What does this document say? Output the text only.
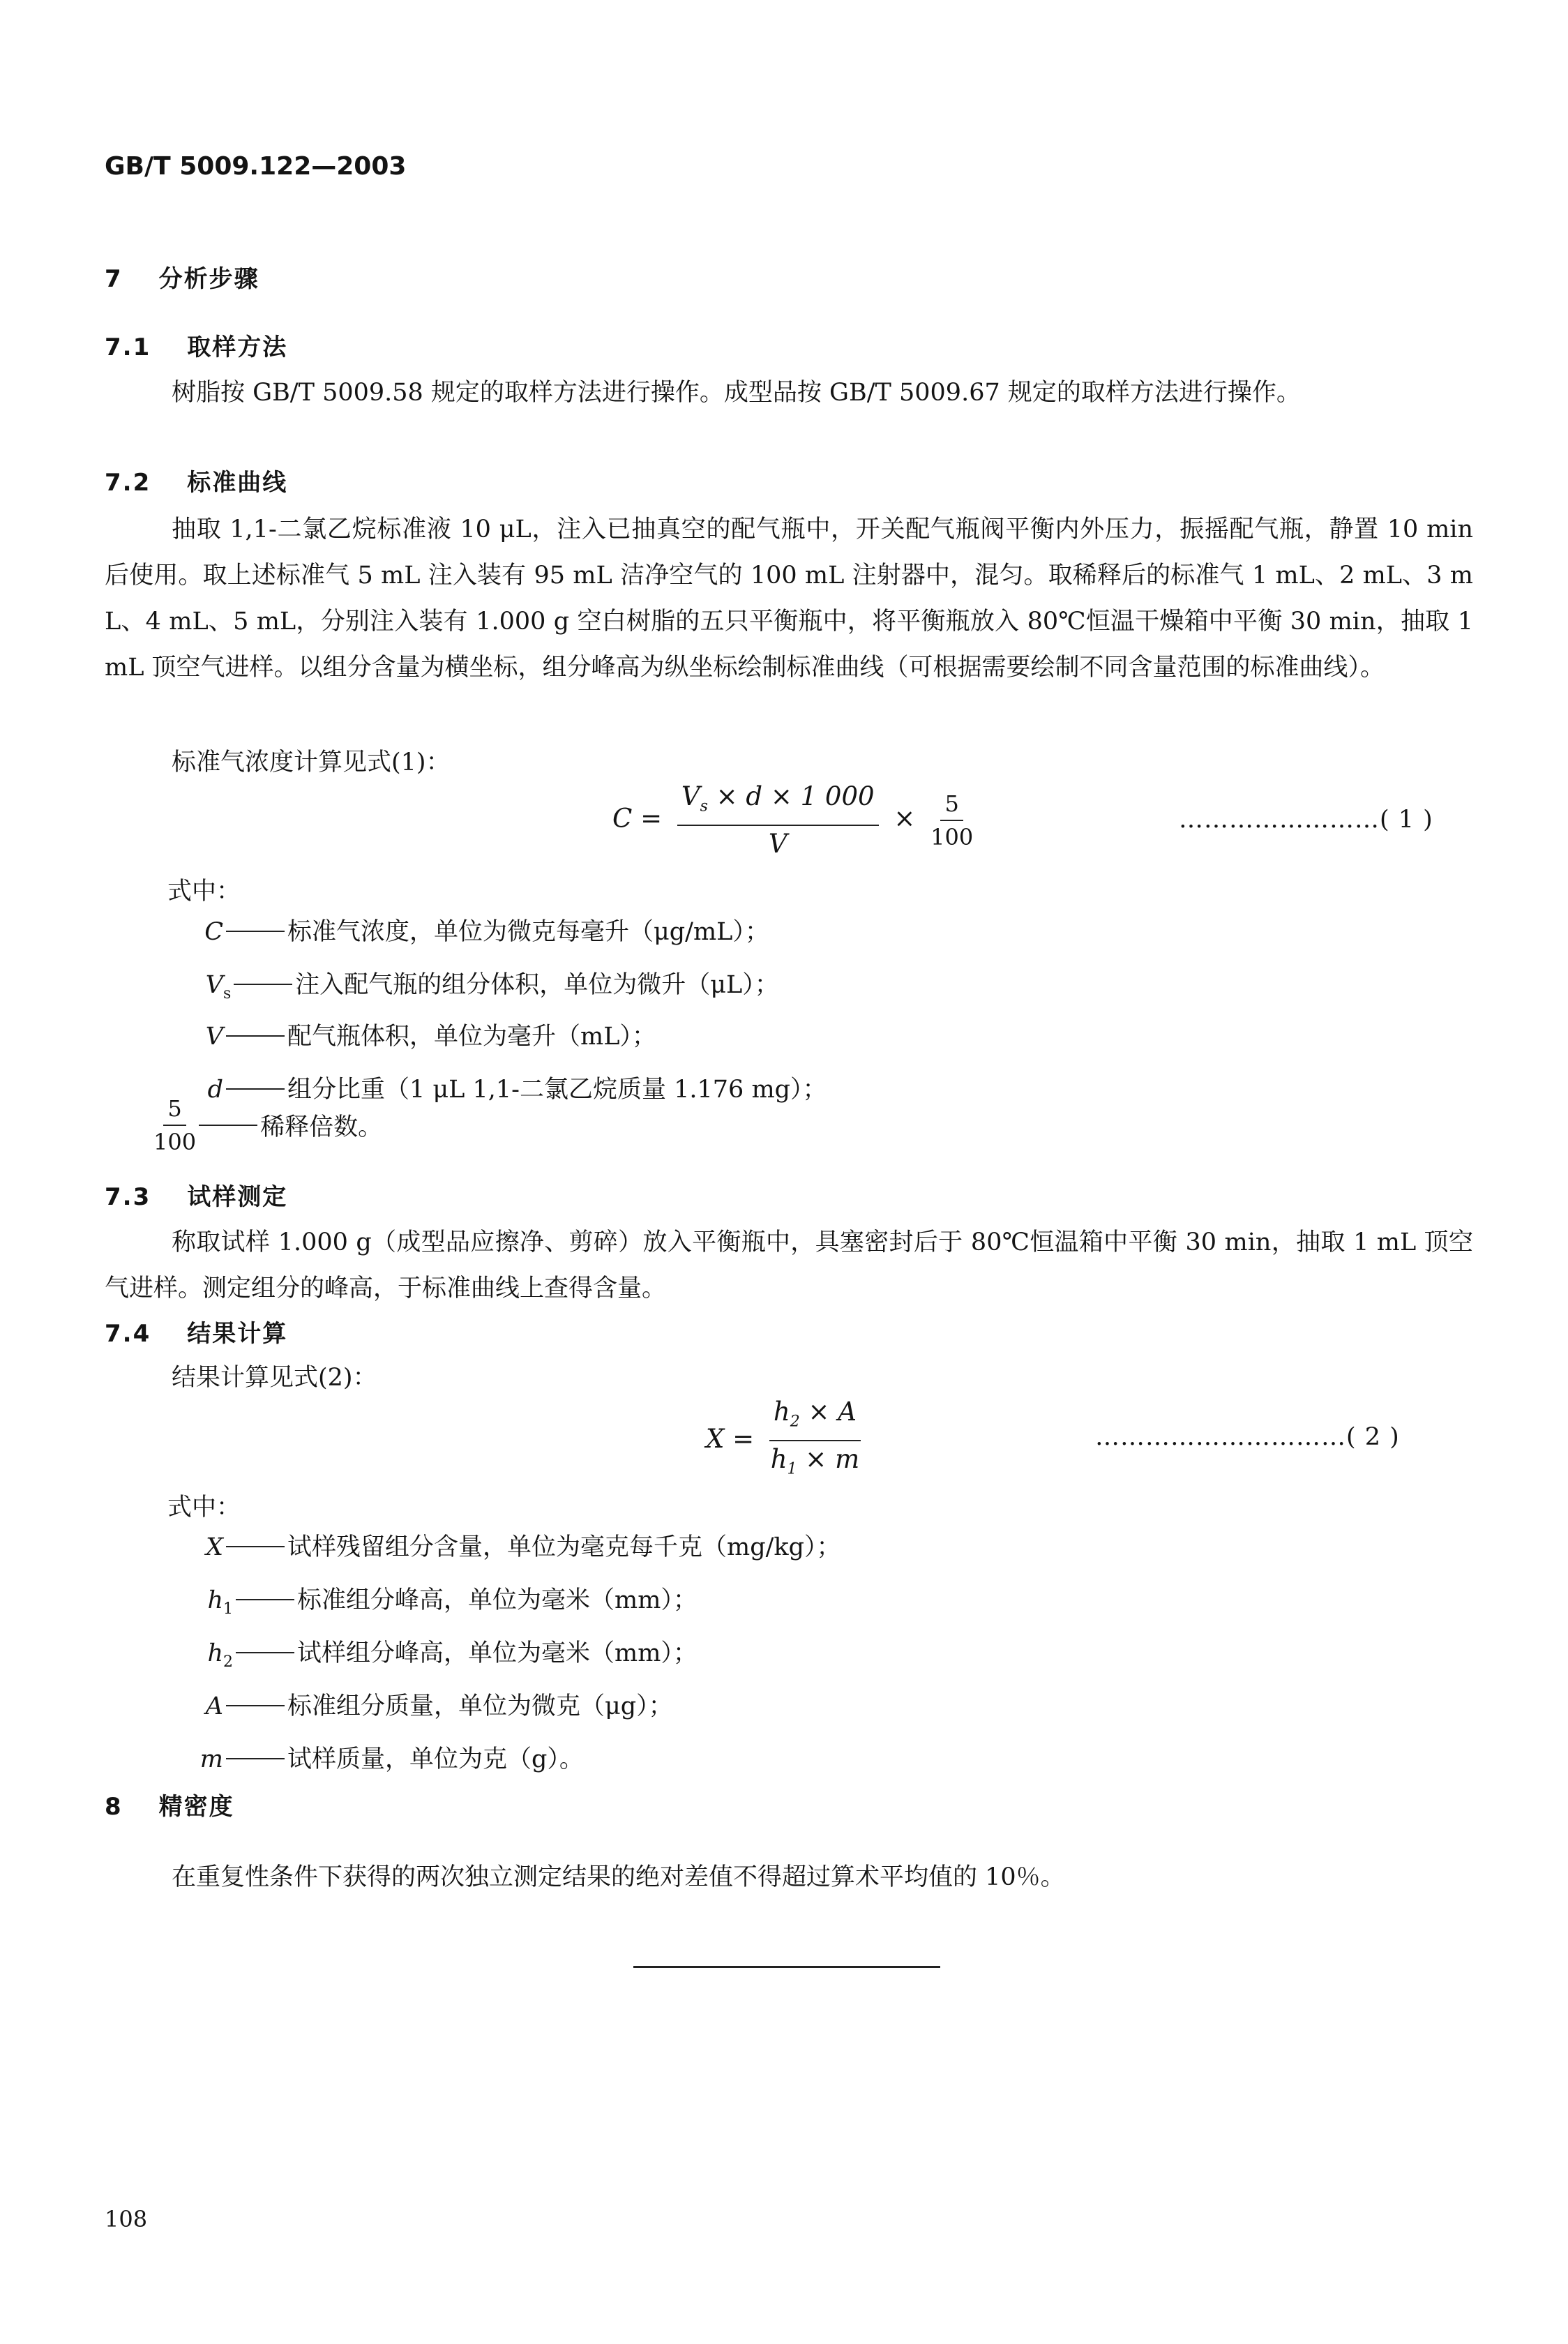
GB/T 5009.122—2003
7 分析步骤
7.1 取样方法
树脂按 GB/T 5009.58 规定的取样方法进行操作。成型品按 GB/T 5009.67 规定的取样方法进行操作。
7.2 标准曲线
抽取 1,1-二氯乙烷标准液 10 μL，注入已抽真空的配气瓶中，开关配气瓶阀平衡内外压力，振摇配气瓶，静置 10 min 后使用。取上述标准气 5 mL 注入装有 95 mL 洁净空气的 100 mL 注射器中，混匀。取稀释后的标准气 1 mL、2 mL、3 mL、4 mL、5 mL，分别注入装有 1.000 g 空白树脂的五只平衡瓶中，将平衡瓶放入 80℃恒温干燥箱中平衡 30 min，抽取 1 mL 顶空气进样。以组分含量为横坐标，组分峰高为纵坐标绘制标准曲线（可根据需要绘制不同含量范围的标准曲线）。
标准气浓度计算见式(1)：
$C = \frac{V_s \times d \times 1 000}{V} \times \frac{5}{100}$	……………………( 1 )
式中：
C	标准气浓度，单位为微克每毫升（μg/mL）；
$V_s$	注入配气瓶的组分体积，单位为微升（μL）；
V	配气瓶体积，单位为毫升（mL）；
d	组分比重（1 μL 1,1-二氯乙烷质量 1.176 mg）；
$\frac{5}{100}$	稀释倍数。
7.3 试样测定
称取试样 1.000 g（成型品应擦净、剪碎）放入平衡瓶中，具塞密封后于 80℃恒温箱中平衡 30 min，抽取 1 mL 顶空气进样。测定组分的峰高，于标准曲线上查得含量。
7.4 结果计算
结果计算见式(2)：
$X = \frac{h_2 \times A}{h_1 \times m}$	…………………………( 2 )
式中：
X	试样残留组分含量，单位为毫克每千克（mg/kg）；
$h_1$	标准组分峰高，单位为毫米（mm）；
$h_2$	试样组分峰高，单位为毫米（mm）；
A	标准组分质量，单位为微克（μg）；
m	试样质量，单位为克（g）。
8 精密度
在重复性条件下获得的两次独立测定结果的绝对差值不得超过算术平均值的 10％。
108
